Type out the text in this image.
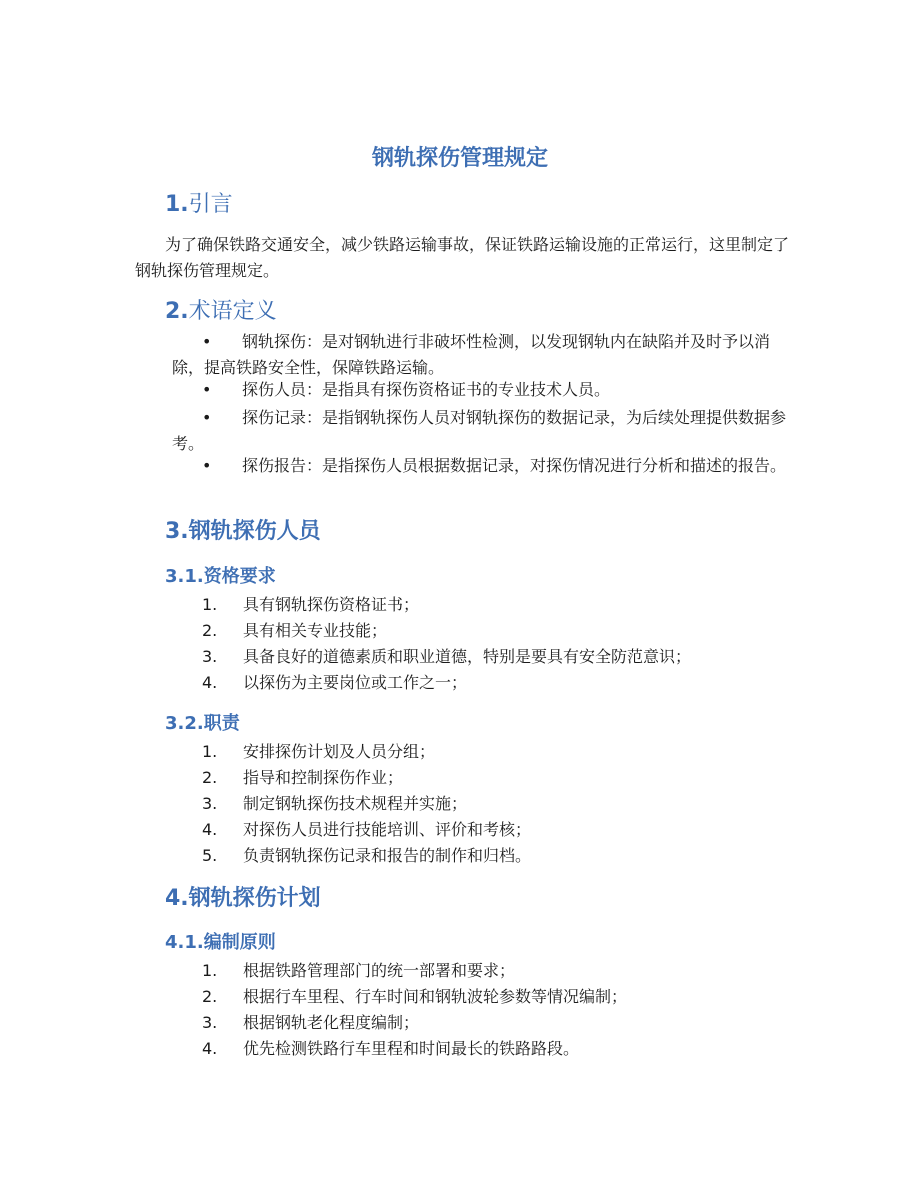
钢轨探伤管理规定
1.引言

为了确保铁路交通安全，减少铁路运输事故，保证铁路运输设施的正常运行，这里制定了钢轨探伤管理规定。

2.术语定义

• 钢轨探伤：是对钢轨进行非破坏性检测，以发现钢轨内在缺陷并及时予以消除，提高铁路安全性，保障铁路运输。

• 探伤人员：是指具有探伤资格证书的专业技术人员。

• 探伤记录：是指钢轨探伤人员对钢轨探伤的数据记录，为后续处理提供数据参考。

• 探伤报告：是指探伤人员根据数据记录，对探伤情况进行分析和描述的报告。

3.钢轨探伤人员
3.1.资格要求

1. 具有钢轨探伤资格证书；

2. 具有相关专业技能；

3. 具备良好的道德素质和职业道德，特别是要具有安全防范意识；

4. 以探伤为主要岗位或工作之一；

3.2.职责

1. 安排探伤计划及人员分组；

2. 指导和控制探伤作业；

3. 制定钢轨探伤技术规程并实施；

4. 对探伤人员进行技能培训、评价和考核；

5. 负责钢轨探伤记录和报告的制作和归档。

4.钢轨探伤计划
4.1.编制原则

1. 根据铁路管理部门的统一部署和要求；

2. 根据行车里程、行车时间和钢轨波轮参数等情况编制；

3. 根据钢轨老化程度编制；

4. 优先检测铁路行车里程和时间最长的铁路路段。
